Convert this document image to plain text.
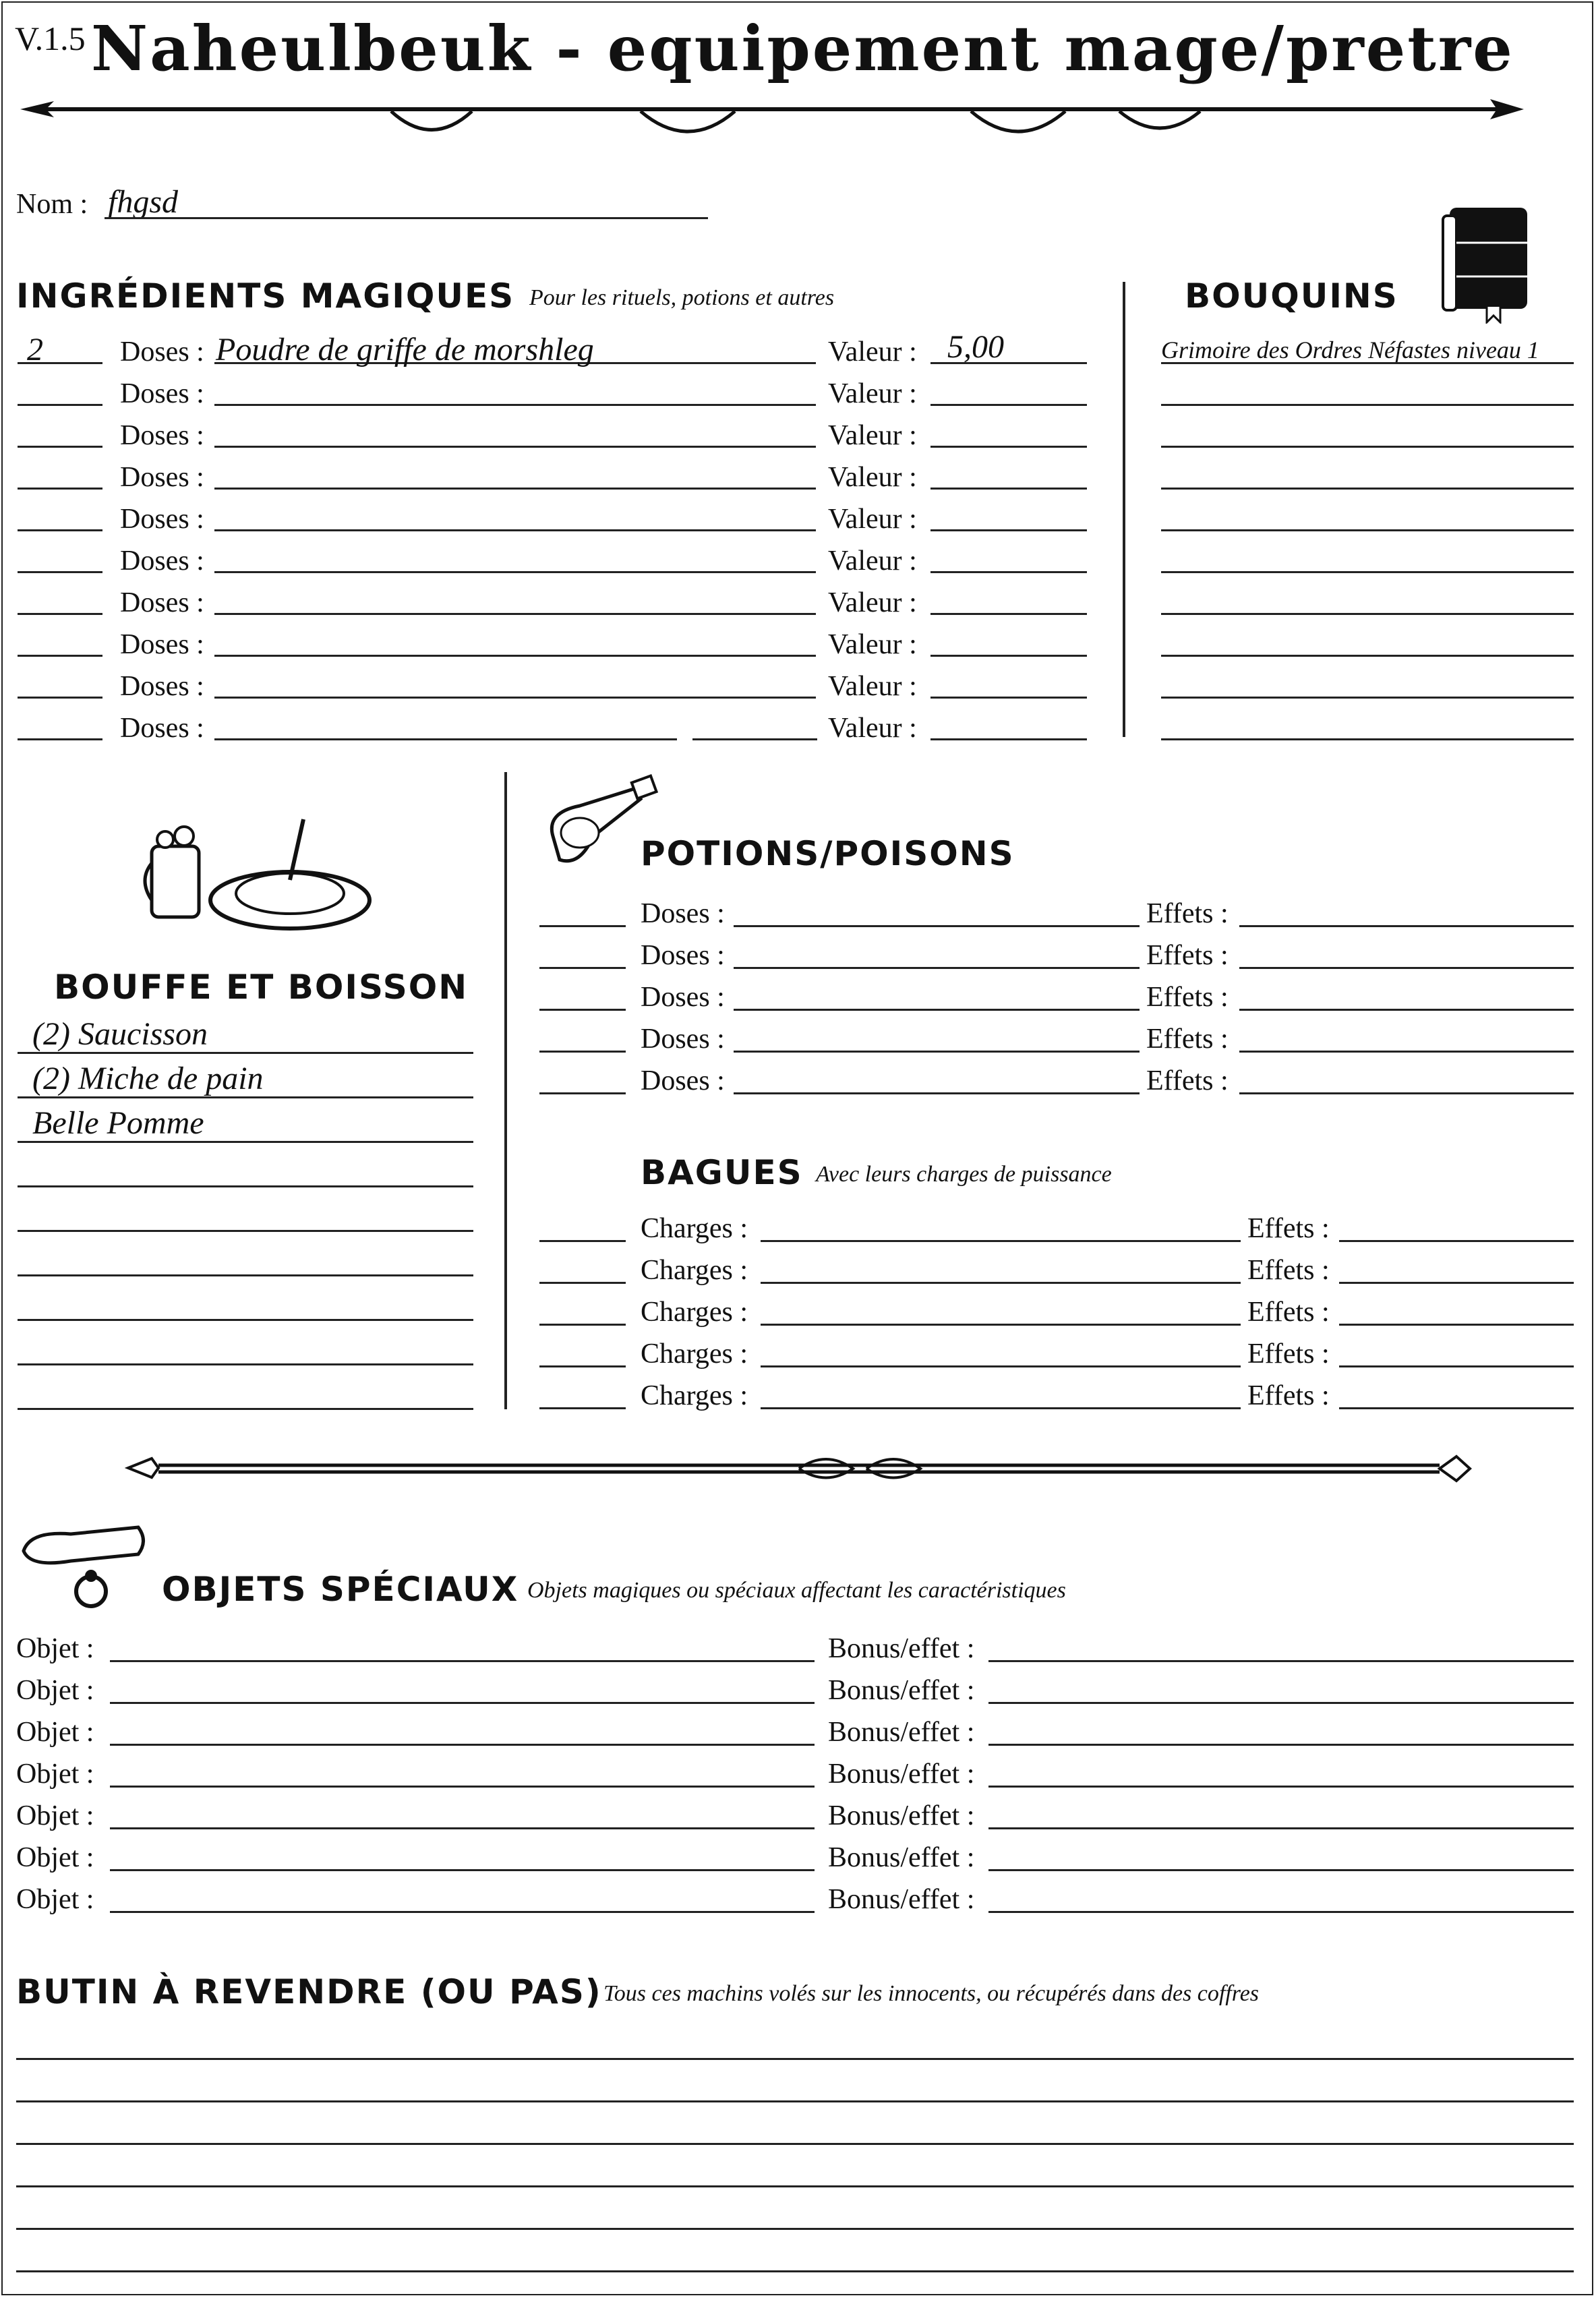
V.1.5 Naheulbeuk - equipement mage/pretre
Nom : fhgsd
INGRÉDIENTS MAGIQUES Pour les rituels, potions et autres
2	Doses : Poudre de griffe de morshleg	Valeur : 5,00
Doses :	Valeur :
Doses :	Valeur :
Doses :	Valeur :
Doses :	Valeur :
Doses :	Valeur :
Doses :	Valeur :
Doses :	Valeur :
Doses :	Valeur :
Doses :	Valeur :
BOUQUINS
Grimoire des Ordres Néfastes niveau 1
BOUFFE ET BOISSON
(2) Saucisson
(2) Miche de pain
Belle Pomme
POTIONS/POISONS
Doses :	Effets :
Doses :	Effets :
Doses :	Effets :
Doses :	Effets :
Doses :	Effets :
BAGUES Avec leurs charges de puissance
Charges :	Effets :
Charges :	Effets :
Charges :	Effets :
Charges :	Effets :
Charges :	Effets :
OBJETS SPÉCIAUX Objets magiques ou spéciaux affectant les caractéristiques
Objet :	Bonus/effet :
Objet :	Bonus/effet :
Objet :	Bonus/effet :
Objet :	Bonus/effet :
Objet :	Bonus/effet :
Objet :	Bonus/effet :
Objet :	Bonus/effet :
BUTIN À REVENDRE (OU PAS) Tous ces machins volés sur les innocents, ou récupérés dans des coffres
